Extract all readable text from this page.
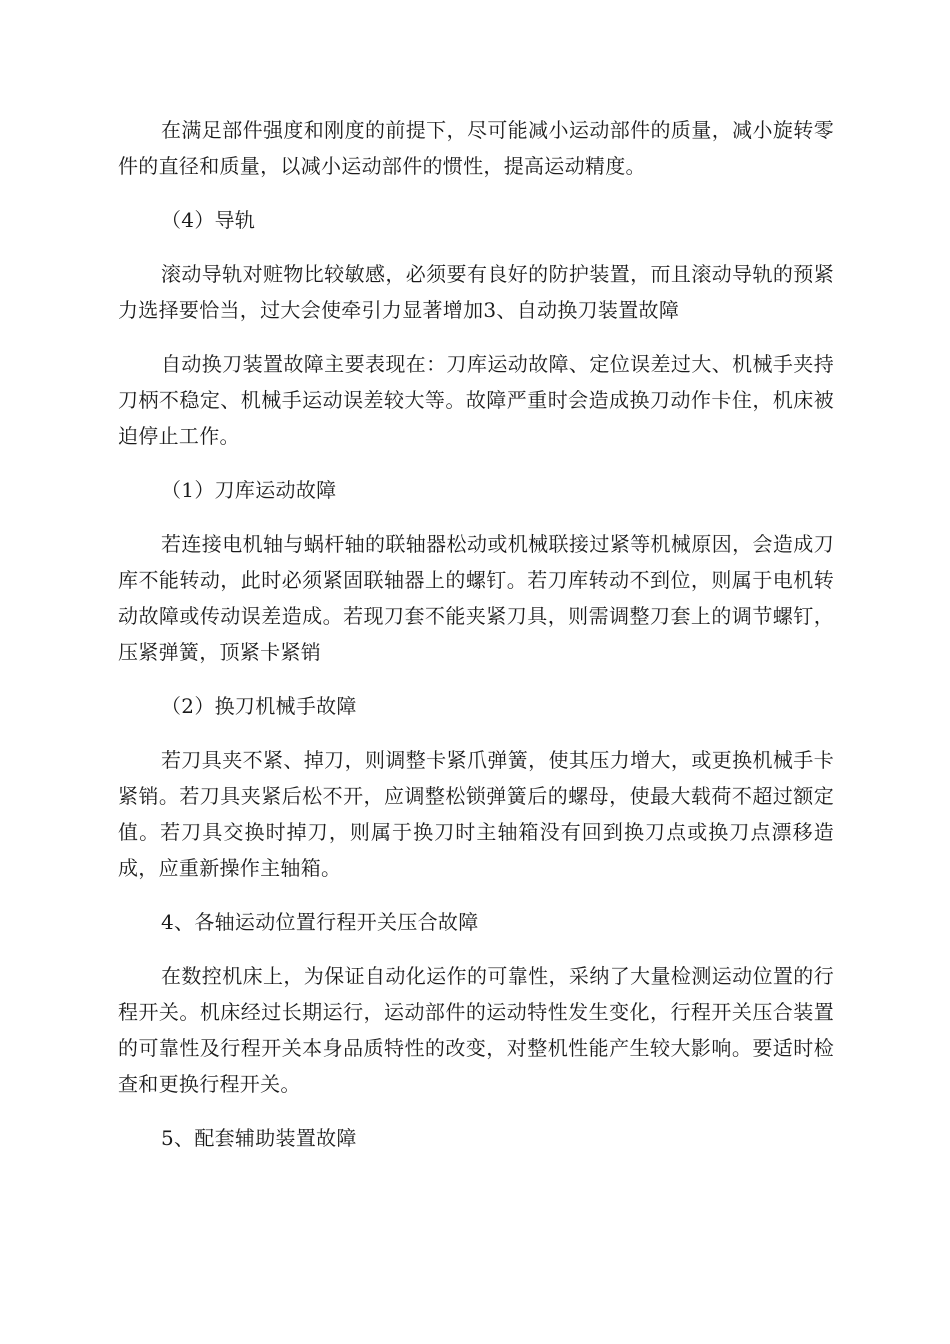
在满足部件强度和刚度的前提下，尽可能减小运动部件的质量，减小旋转零件的直径和质量，以减小运动部件的惯性，提高运动精度。

（4）导轨

滚动导轨对赃物比较敏感，必须要有良好的防护装置，而且滚动导轨的预紧力选择要恰当，过大会使牵引力显著增加3、自动换刀装置故障

自动换刀装置故障主要表现在：刀库运动故障、定位误差过大、机械手夹持刀柄不稳定、机械手运动误差较大等。故障严重时会造成换刀动作卡住，机床被迫停止工作。

（1）刀库运动故障

若连接电机轴与蜗杆轴的联轴器松动或机械联接过紧等机械原因，会造成刀库不能转动，此时必须紧固联轴器上的螺钉。若刀库转动不到位，则属于电机转动故障或传动误差造成。若现刀套不能夹紧刀具，则需调整刀套上的调节螺钉，压紧弹簧，顶紧卡紧销

（2）换刀机械手故障

若刀具夹不紧、掉刀，则调整卡紧爪弹簧，使其压力增大，或更换机械手卡紧销。若刀具夹紧后松不开，应调整松锁弹簧后的螺母，使最大载荷不超过额定值。若刀具交换时掉刀，则属于换刀时主轴箱没有回到换刀点或换刀点漂移造成，应重新操作主轴箱。

4、各轴运动位置行程开关压合故障

在数控机床上，为保证自动化运作的可靠性，采纳了大量检测运动位置的行程开关。机床经过长期运行，运动部件的运动特性发生变化，行程开关压合装置的可靠性及行程开关本身品质特性的改变，对整机性能产生较大影响。要适时检查和更换行程开关。

5、配套辅助装置故障
